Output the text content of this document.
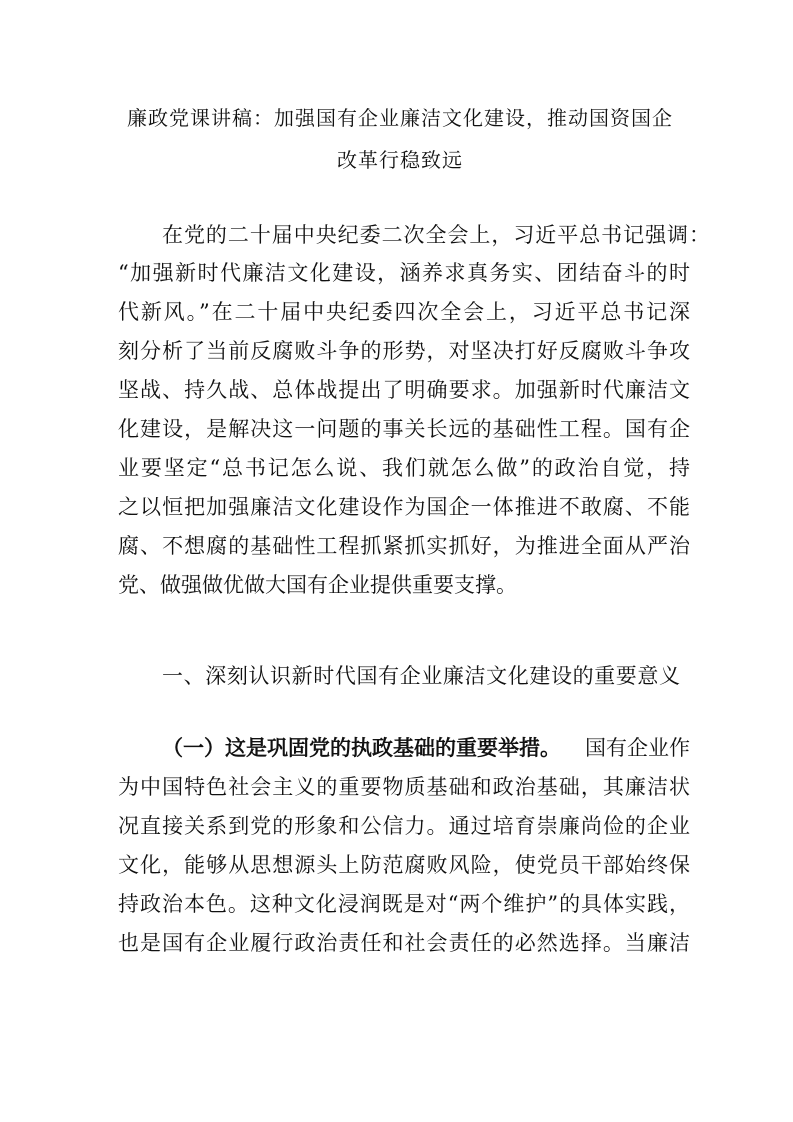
廉政党课讲稿：加强国有企业廉洁文化建设，推动国资国企
改革行稳致远
在党的二十届中央纪委二次全会上，习近平总书记强调：
“加强新时代廉洁文化建设，涵养求真务实、团结奋斗的时
代新风。”在二十届中央纪委四次全会上，习近平总书记深
刻分析了当前反腐败斗争的形势，对坚决打好反腐败斗争攻
坚战、持久战、总体战提出了明确要求。加强新时代廉洁文
化建设，是解决这一问题的事关长远的基础性工程。国有企
业要坚定“总书记怎么说、我们就怎么做”的政治自觉，持
之以恒把加强廉洁文化建设作为国企一体推进不敢腐、不能
腐、不想腐的基础性工程抓紧抓实抓好，为推进全面从严治
党、做强做优做大国有企业提供重要支撑。
一、深刻认识新时代国有企业廉洁文化建设的重要意义
（一）这是巩固党的执政基础的重要举措。 国有企业作
为中国特色社会主义的重要物质基础和政治基础，其廉洁状
况直接关系到党的形象和公信力。通过培育崇廉尚俭的企业
文化，能够从思想源头上防范腐败风险，使党员干部始终保
持政治本色。这种文化浸润既是对“两个维护”的具体实践，
也是国有企业履行政治责任和社会责任的必然选择。当廉洁
